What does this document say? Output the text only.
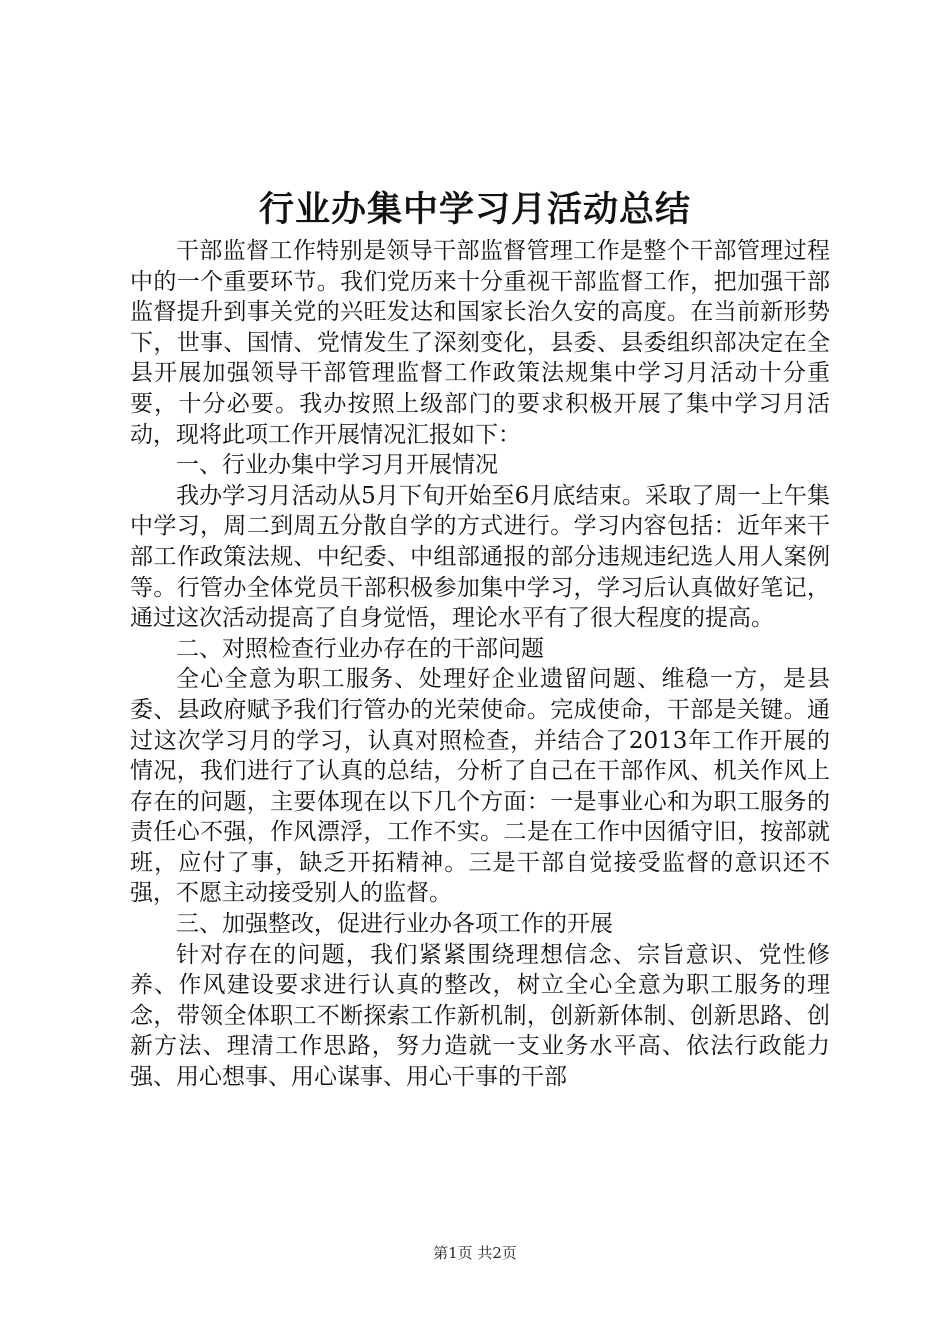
行业办集中学习月活动总结

干部监督工作特别是领导干部监督管理工作是整个干部管理过程中的一个重要环节。我们党历来十分重视干部监督工作，把加强干部监督提升到事关党的兴旺发达和国家长治久安的高度。在当前新形势下，世事、国情、党情发生了深刻变化，县委、县委组织部决定在全县开展加强领导干部管理监督工作政策法规集中学习月活动十分重要，十分必要。我办按照上级部门的要求积极开展了集中学习月活动，现将此项工作开展情况汇报如下：

一、行业办集中学习月开展情况

我办学习月活动从5月下旬开始至6月底结束。采取了周一上午集中学习，周二到周五分散自学的方式进行。学习内容包括：近年来干部工作政策法规、中纪委、中组部通报的部分违规违纪选人用人案例等。行管办全体党员干部积极参加集中学习，学习后认真做好笔记，通过这次活动提高了自身觉悟，理论水平有了很大程度的提高。

二、对照检查行业办存在的干部问题

全心全意为职工服务、处理好企业遗留问题、维稳一方，是县委、县政府赋予我们行管办的光荣使命。完成使命，干部是关键。通过这次学习月的学习，认真对照检查，并结合了2013年工作开展的情况，我们进行了认真的总结，分析了自己在干部作风、机关作风上存在的问题，主要体现在以下几个方面：一是事业心和为职工服务的责任心不强，作风漂浮，工作不实。二是在工作中因循守旧，按部就班，应付了事，缺乏开拓精神。三是干部自觉接受监督的意识还不强，不愿主动接受别人的监督。

三、加强整改，促进行业办各项工作的开展

针对存在的问题，我们紧紧围绕理想信念、宗旨意识、党性修养、作风建设要求进行认真的整改，树立全心全意为职工服务的理念，带领全体职工不断探索工作新机制，创新新体制、创新思路、创新方法、理清工作思路，努力造就一支业务水平高、依法行政能力强、用心想事、用心谋事、用心干事的干部

第1页 共2页
